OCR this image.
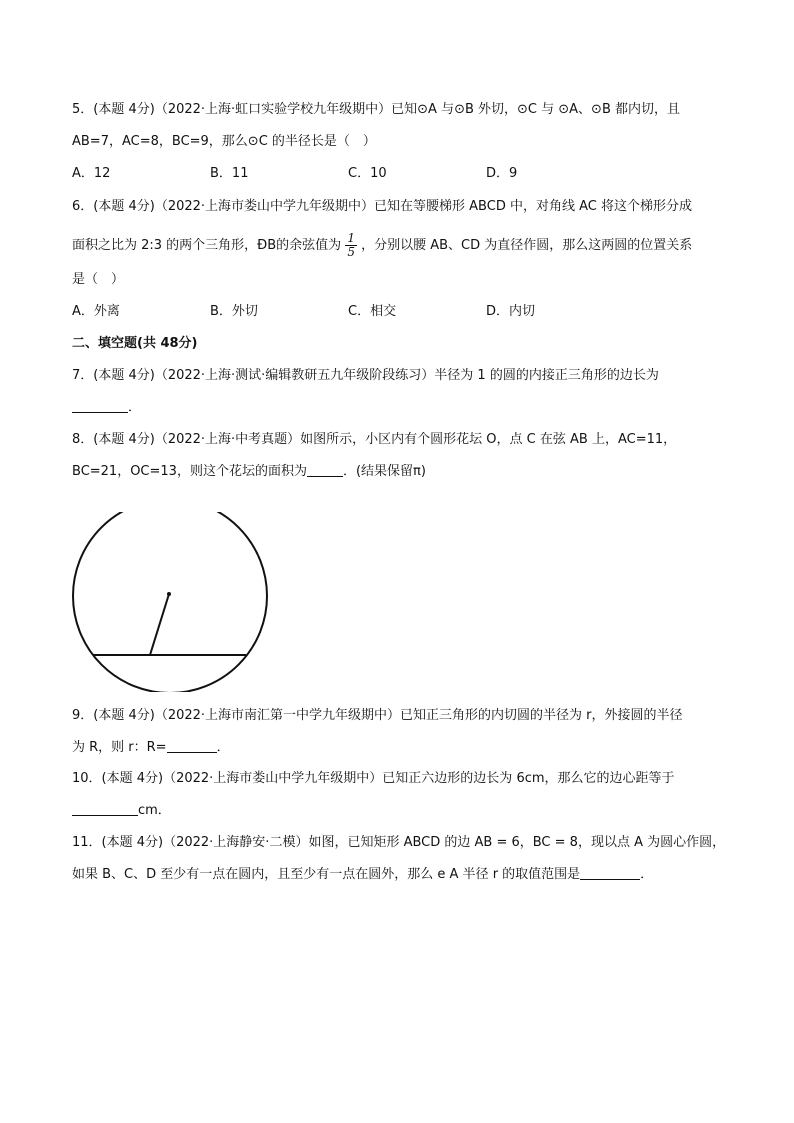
5．(本题 4分)（2022·上海·虹口实验学校九年级期中）已知⊙A 与⊙B 外切，⊙C 与 ⊙A、⊙B 都内切，且
AB=7，AC=8，BC=9，那么⊙C 的半径长是（　）
A．12	B．11	C．10	D．9
6．(本题 4分)（2022·上海市娄山中学九年级期中）已知在等腰梯形 ABCD 中，对角线 AC 将这个梯形分成
面积之比为 2:3 的两个三角形，ÐB的余弦值为 $\frac{1}{5}$ ，分别以腰 AB、CD 为直径作圆，那么这两圆的位置关系
是（　）
A．外离	B．外切	C．相交	D．内切
二、填空题(共 48分)
7．(本题 4分)（2022·上海·测试·编辑教研五九年级阶段练习）半径为 1 的圆的内接正三角形的边长为
．
8．(本题 4分)（2022·上海·中考真题）如图所示，小区内有个圆形花坛 O，点 C 在弦 AB 上，AC=11，
BC=21，OC=13，则这个花坛的面积为	．(结果保留π)
9．(本题 4分)（2022·上海市南汇第一中学九年级期中）已知正三角形的内切圆的半径为 r，外接圆的半径
为 R，则 r：R=	．
10．(本题 4分)（2022·上海市娄山中学九年级期中）已知正六边形的边长为 6cm，那么它的边心距等于
cm．
11．(本题 4分)（2022·上海静安·二模）如图，已知矩形 ABCD 的边 AB = 6，BC = 8，现以点 A 为圆心作圆，
如果 B、C、D 至少有一点在圆内，且至少有一点在圆外，那么 e A 半径 r 的取值范围是	．
